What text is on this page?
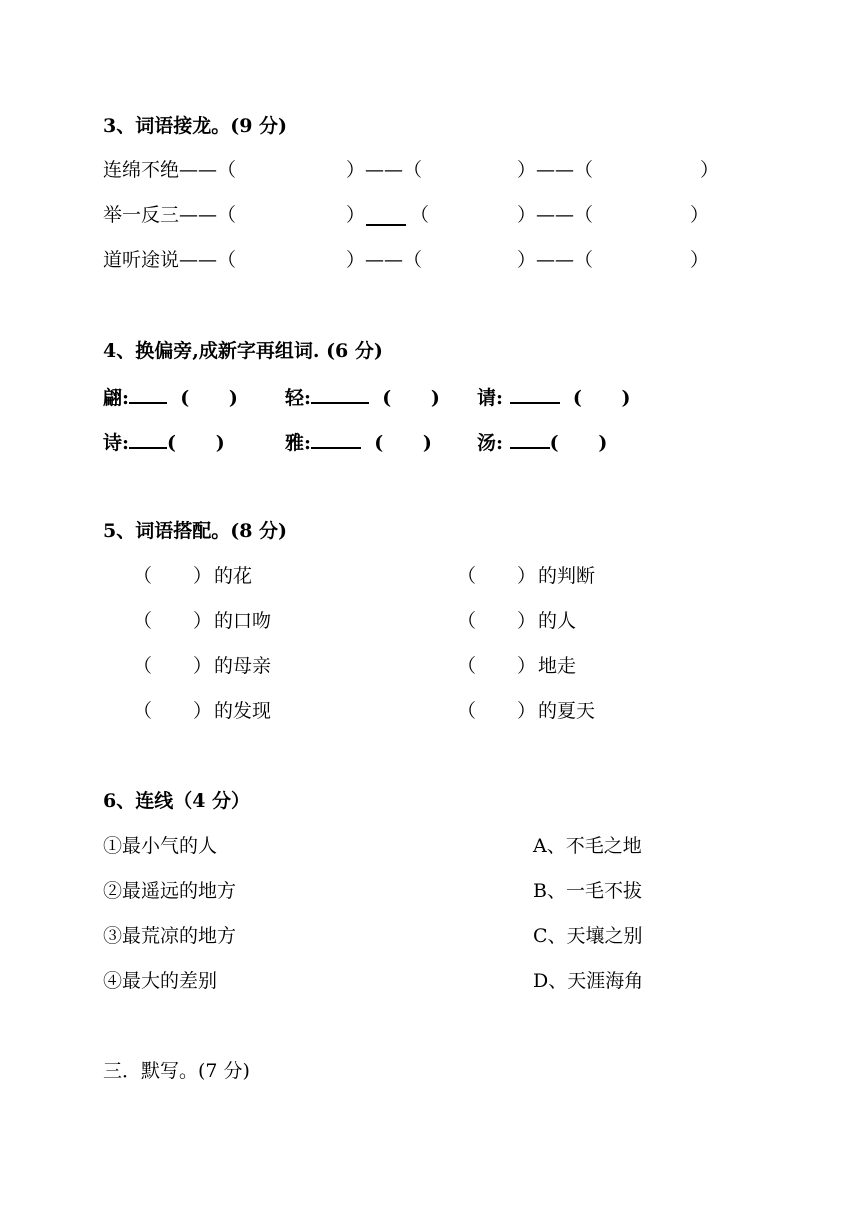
3、词语接龙。(9 分)
连绵不绝——（	）——（	）——（	）
举一反三——（	） （	）——（	）
道听途说——（	）——（	）——（	）
4、换偏旁,成新字再组词. (6 分)
翩:	(      ) 轻:	(      ) 请:	(      )
诗: (      )	雅:	(      ) 汤: (      )
5、词语搭配。(8 分)
（ ） 的花	（ ） 的判断
（ ） 的口吻	（ ） 的人
（ ） 的母亲	（ ） 地走
（ ） 的发现	（ ） 的夏天
6、连线（4 分）
①最小气的人	A、不毛之地
②最遥远的地方	B、一毛不拔
③最荒凉的地方	C、天壤之别
④最大的差别	D、天涯海角
三．默写。(7 分)
